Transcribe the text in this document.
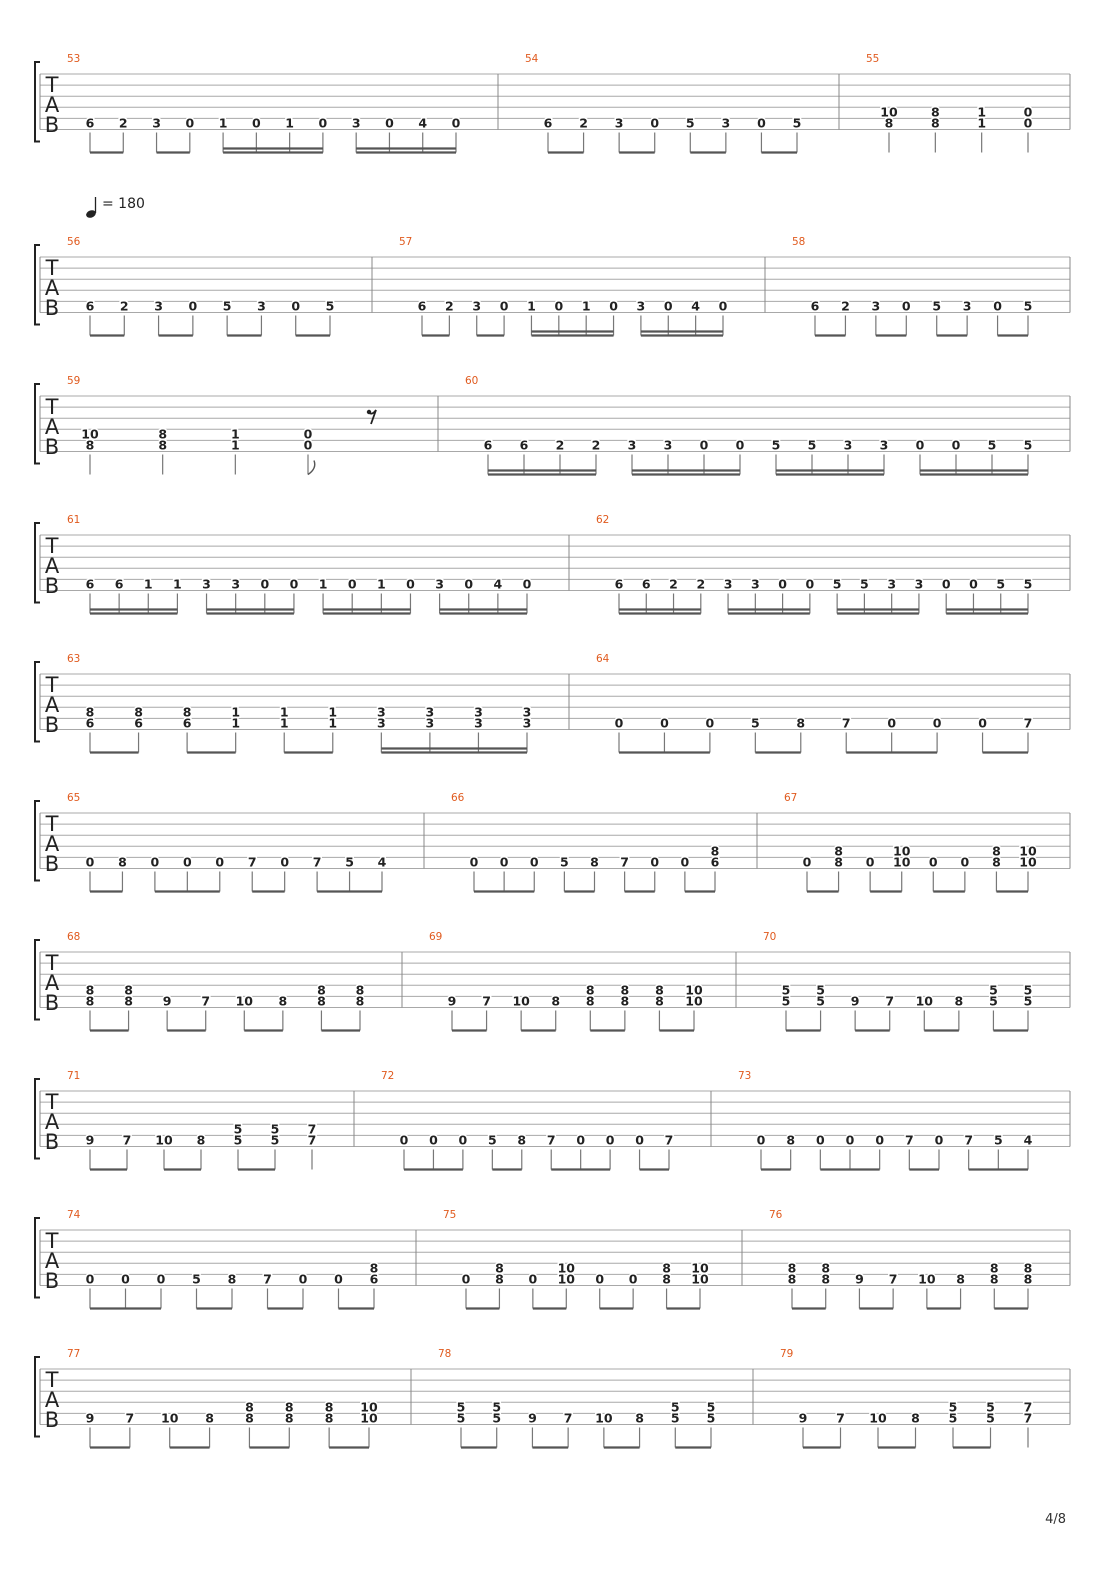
T
A
B
53
6 2 3 0 1 0 1 0 3 0 4 0
54
6 2 3 0 5 3 0 5
55
10
8
8
8
1
1
0
0
T
A
B
= 180
56
6 2 3 0 5 3 0 5
57
6 2 3 0 1 0 1 0 3 0 4 0
58
6 2 3 0 5 3 0 5
T
A
B
59
10
8
8
8
1
1
0
0
60
6 6 2 2 3 3 0 0 5 5 3 3 0 0 5 5
T
A
B
61
6 6 1 1 3 3 0 0 1 0 1 0 3 0 4 0
62
6 6 2 2 3 3 0 0 5 5 3 3 0 0 5 5
T
A
B
63
8
6
8
6
8
6
1
1
1
1
1
1
3
3
3
3
3
3
3
3
64
0	0	0	5	8	7	0	0	0	7
T
A
B
65
0 8 0 0 0 7 0 7 5 4
66
0 0 0 5 8 7 0 0
8
6
67
0
8
8 0
10
10 0 0
8
8
10
10
T
A
B
68
8
8
8
8 9 7 10 8
8
8
8
8
69
9 7 10 8
8
8
8
8
8
8
10
10
70
5
5
5
5 9 7 10 8
5
5
5
5
T
A
B
71
9 7 10 8
5
5
5
5
7
7
72
0 0 0 5 8 7 0 0 0 7
73
0 8 0 0 0 7 0 7 5 4
T
A
B
74
0 0 0 5 8 7 0 0
8
6
75
0
8
8 0
10
10 0 0
8
8
10
10
76
8
8
8
8 9 7 10 8
8
8
8
8
T
A
B
77
9 7 10 8
8
8
8
8
8
8
10
10
78
5
5
5
5 9 7 10 8
5
5
5
5
79
9 7 10 8
5
5
5
5
7
7
4/8
